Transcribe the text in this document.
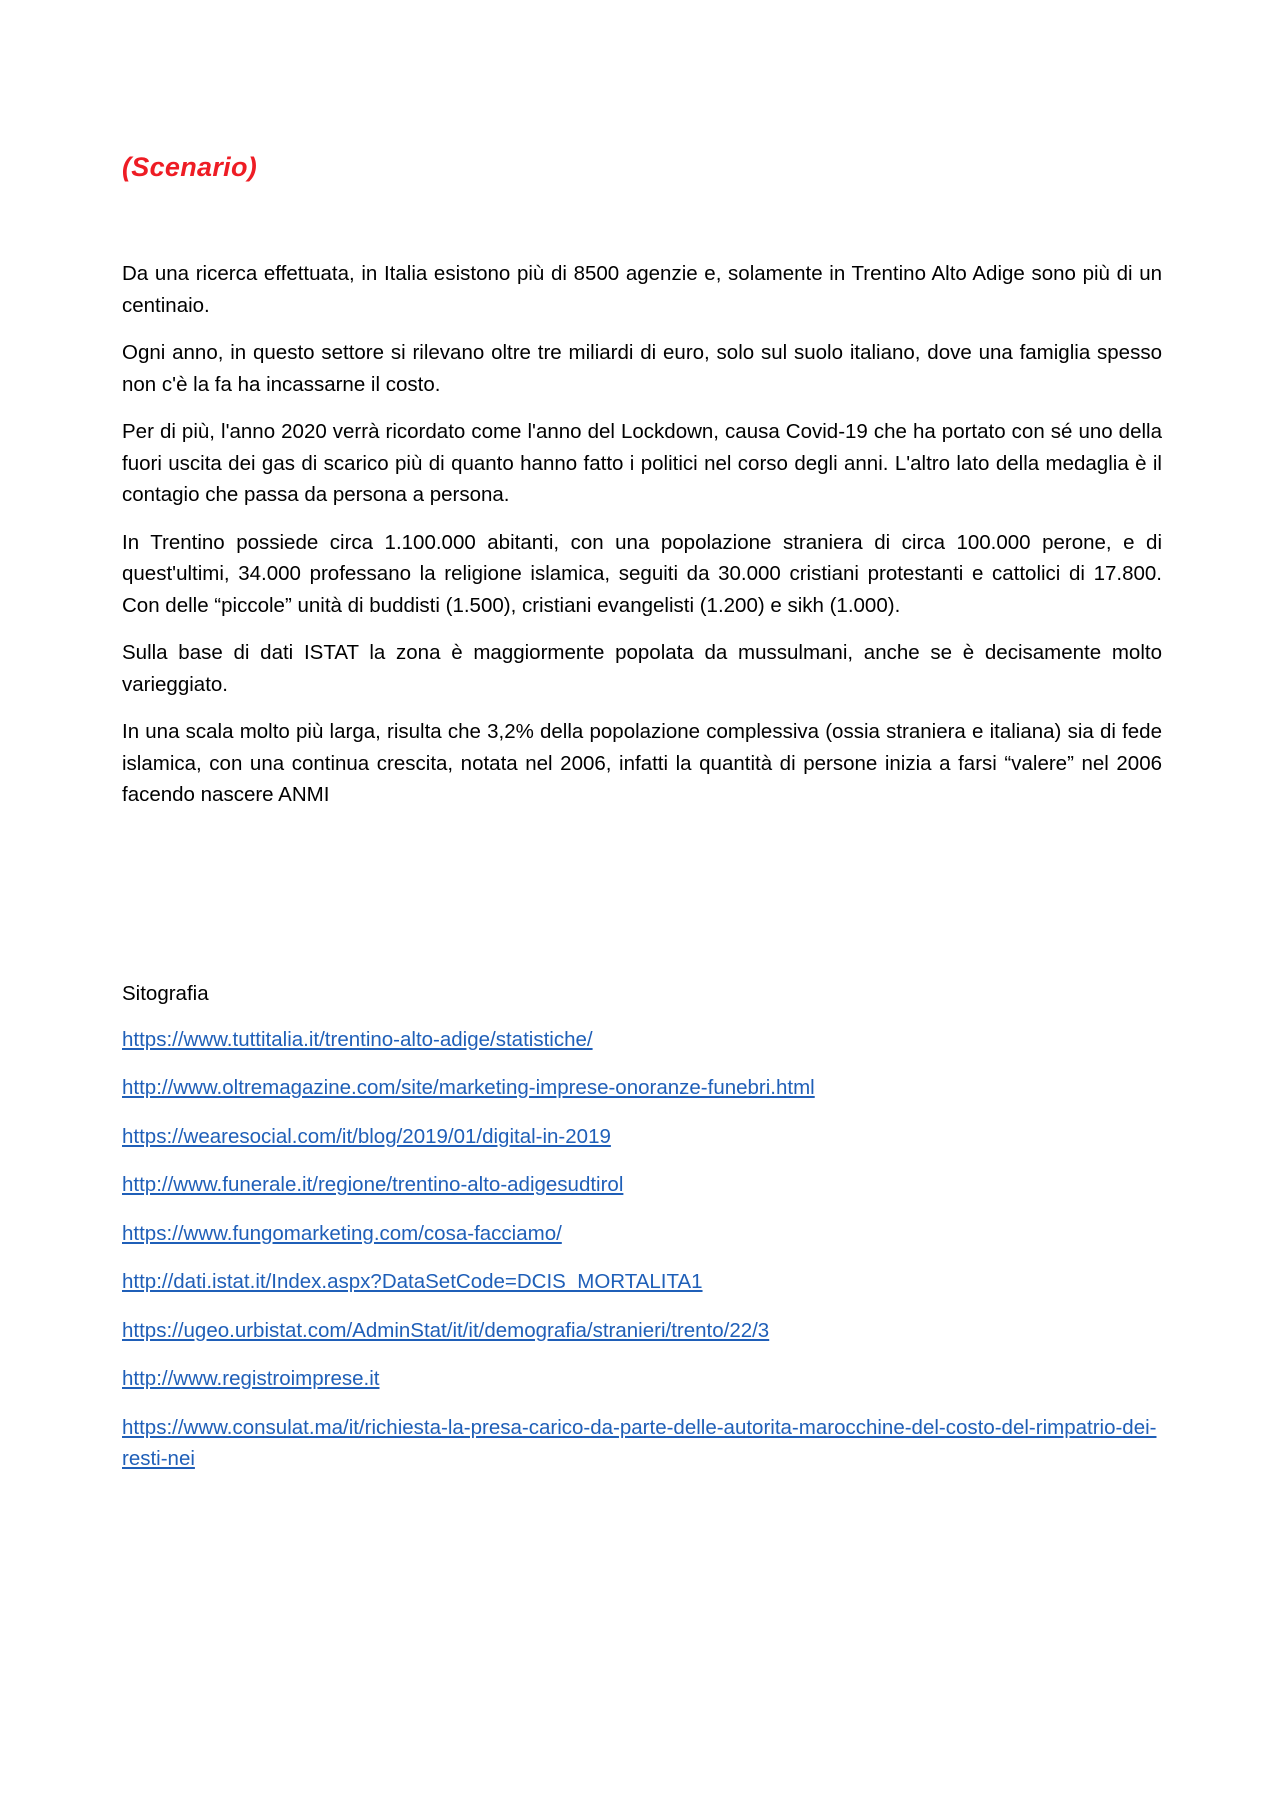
(Scenario)

Da una ricerca effettuata, in Italia esistono più di 8500 agenzie e, solamente in Trentino Alto Adige sono più di un centinaio.

Ogni anno, in questo settore si rilevano oltre tre miliardi di euro, solo sul suolo italiano, dove una famiglia spesso non c'è la fa ha incassarne il costo.

Per di più, l'anno 2020 verrà ricordato come l'anno del Lockdown, causa Covid-19 che ha portato con sé uno della fuori uscita dei gas di scarico più di quanto hanno fatto i politici nel corso degli anni. L'altro lato della medaglia è il contagio che passa da persona a persona.

In Trentino possiede circa 1.100.000 abitanti, con una popolazione straniera di circa 100.000 perone, e di quest'ultimi, 34.000 professano la religione islamica, seguiti da 30.000 cristiani protestanti e cattolici di 17.800. Con delle “piccole” unità di buddisti (1.500), cristiani evangelisti (1.200) e sikh (1.000).

Sulla base di dati ISTAT la zona è maggiormente popolata da mussulmani, anche se è decisamente molto varieggiato.

In una scala molto più larga, risulta che 3,2% della popolazione complessiva (ossia straniera e italiana) sia di fede islamica, con una continua crescita, notata nel 2006, infatti la quantità di persone inizia a farsi “valere” nel 2006 facendo nascere ANMI

Sitografia

https://www.tuttitalia.it/trentino-alto-adige/statistiche/
http://www.oltremagazine.com/site/marketing-imprese-onoranze-funebri.html
https://wearesocial.com/it/blog/2019/01/digital-in-2019
http://www.funerale.it/regione/trentino-alto-adigesudtirol
https://www.fungomarketing.com/cosa-facciamo/
http://dati.istat.it/Index.aspx?DataSetCode=DCIS_MORTALITA1
https://ugeo.urbistat.com/AdminStat/it/it/demografia/stranieri/trento/22/3
http://www.registroimprese.it
https://www.consulat.ma/it/richiesta-la-presa-carico-da-parte-delle-autorita-marocchine-del-costo-del-rimpatrio-dei-resti-nei
